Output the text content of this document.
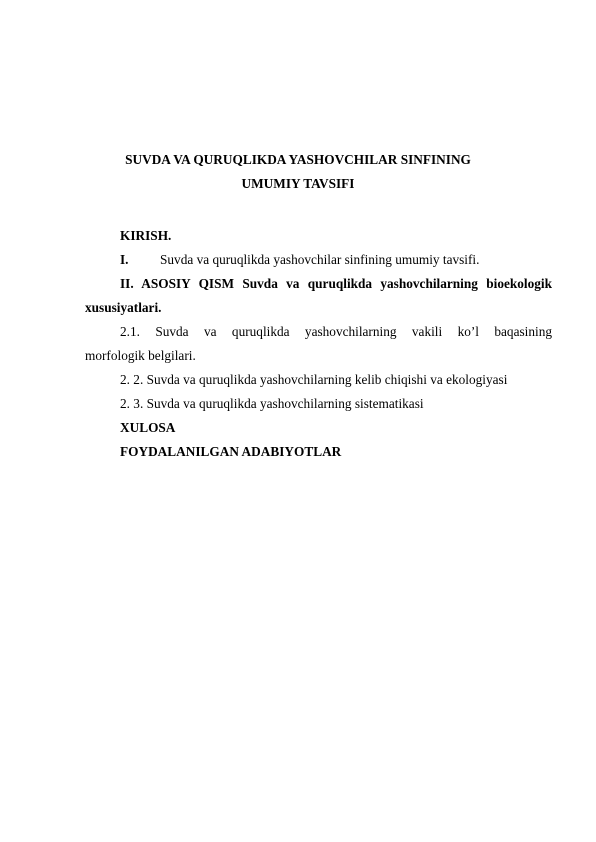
SUVDA VA QURUQLIKDA YASHOVCHILAR SINFINING
UMUMIY TAVSIFI
KIRISH.
I. Suvda va quruqlikda yashovchilar sinfining umumiy tavsifi.
II. ASOSIY QISM Suvda va quruqlikda yashovchilarning bioekologik
xususiyatlari.
2.1. Suvda va quruqlikda yashovchilarning vakili ko’l baqasining
morfologik belgilari.
2. 2. Suvda va quruqlikda yashovchilarning kelib chiqishi va ekologiyasi
2. 3. Suvda va quruqlikda yashovchilarning sistematikasi
XULOSA
FOYDALANILGAN ADABIYOTLAR
